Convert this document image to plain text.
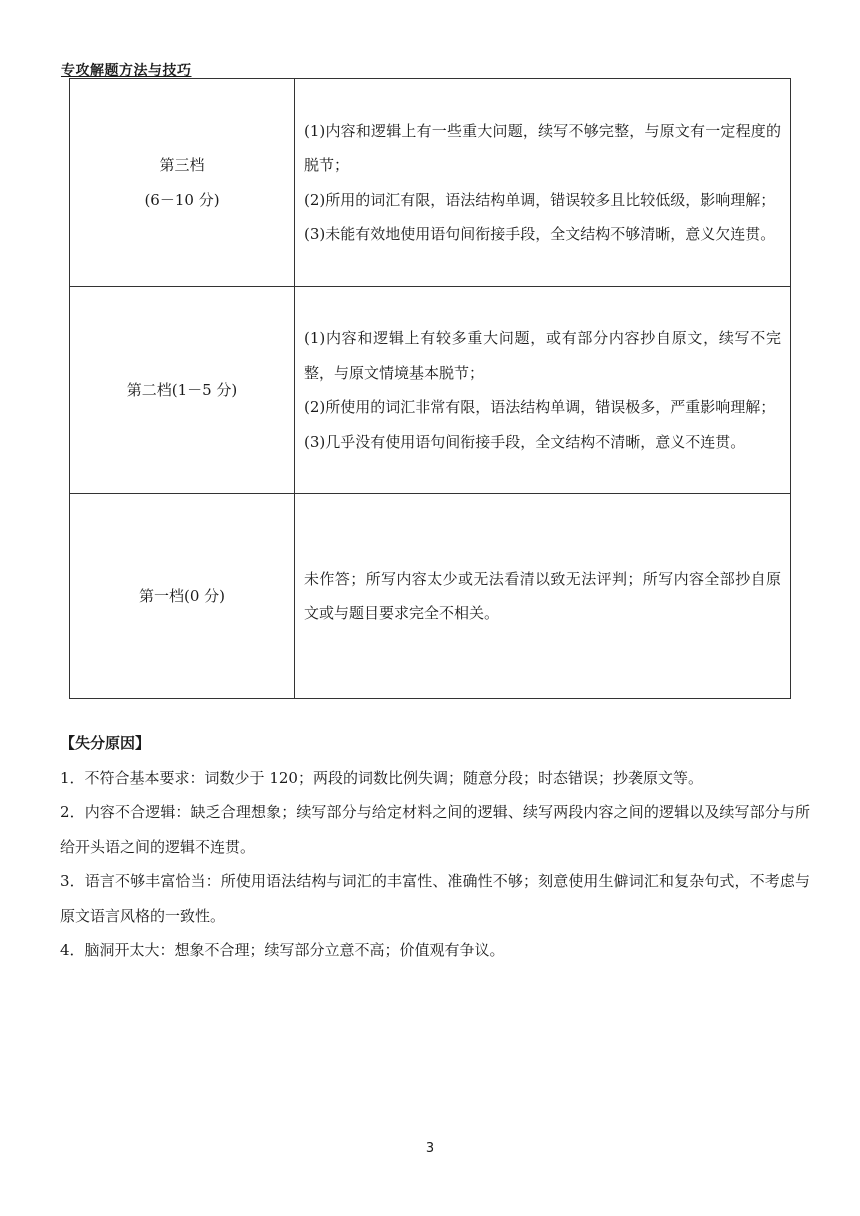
专攻解题方法与技巧
第三档
(6－10 分)	(1)内容和逻辑上有一些重大问题，续写不够完整，与原文有一定程度的脱节；
(2)所用的词汇有限，语法结构单调，错误较多且比较低级，影响理解；
(3)未能有效地使用语句间衔接手段，全文结构不够清晰，意义欠连贯。

第二档(1－5 分)	(1)内容和逻辑上有较多重大问题，或有部分内容抄自原文，续写不完整，与原文情境基本脱节；
(2)所使用的词汇非常有限，语法结构单调，错误极多，严重影响理解；
(3)几乎没有使用语句间衔接手段，全文结构不清晰，意义不连贯。

第一档(0 分)	未作答；所写内容太少或无法看清以致无法评判；所写内容全部抄自原文或与题目要求完全不相关。
【失分原因】
1．不符合基本要求：词数少于 120；两段的词数比例失调；随意分段；时态错误；抄袭原文等。
2．内容不合逻辑：缺乏合理想象；续写部分与给定材料之间的逻辑、续写两段内容之间的逻辑以及续写部分与所给开头语之间的逻辑不连贯。
3．语言不够丰富恰当：所使用语法结构与词汇的丰富性、准确性不够；刻意使用生僻词汇和复杂句式，不考虑与原文语言风格的一致性。
4．脑洞开太大：想象不合理；续写部分立意不高；价值观有争议。
3
